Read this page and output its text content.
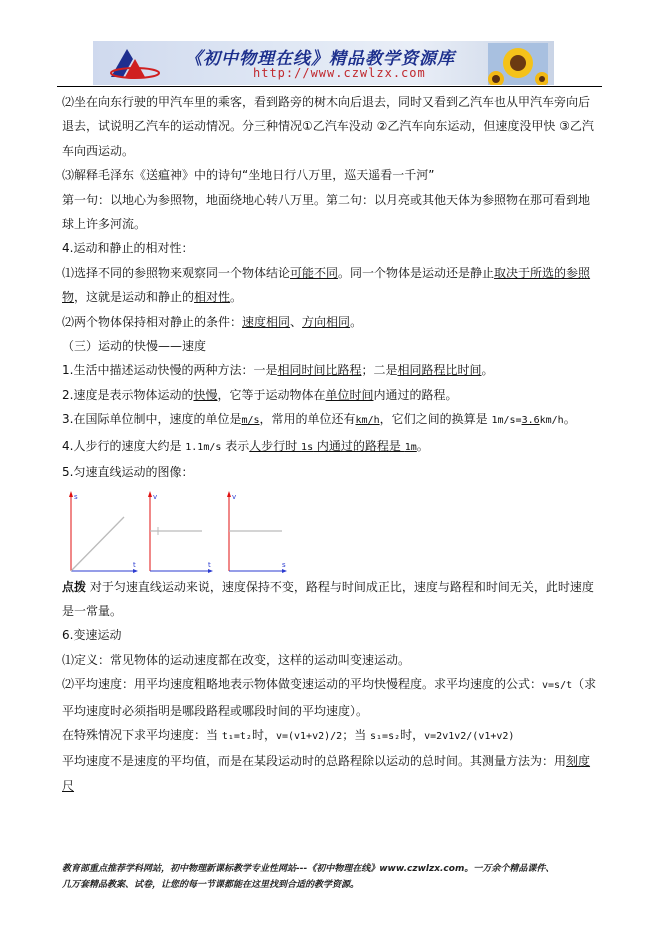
《初中物理在线》精品教学资源库
http://www.czwlzx.com

⑵坐在向东行驶的甲汽车里的乘客，看到路旁的树木向后退去，同时又看到乙汽车也从甲汽车旁向后退去，试说明乙汽车的运动情况。分三种情况①乙汽车没动 ②乙汽车向东运动，但速度没甲快 ③乙汽车向西运动。

⑶解释毛泽东《送瘟神》中的诗句“坐地日行八万里，巡天遥看一千河”

第一句：以地心为参照物，地面绕地心转八万里。第二句：以月亮或其他天体为参照物在那可看到地球上许多河流。

4.运动和静止的相对性：

⑴选择不同的参照物来观察同一个物体结论可能不同。同一个物体是运动还是静止取决于所选的参照物，这就是运动和静止的相对性。

⑵两个物体保持相对静止的条件：速度相同、方向相同。

（三）运动的快慢——速度

1.生活中描述运动快慢的两种方法：一是相同时间比路程；二是相同路程比时间。

2.速度是表示物体运动的快慢，它等于运动物体在单位时间内通过的路程。

3.在国际单位制中，速度的单位是m/s，常用的单位还有km/h，它们之间的换算是 1m/s=3.6km/h。

4.人步行的速度大约是 1.1m/s 表示人步行时 1s 内通过的路程是 1m。

5.匀速直线运动的图像：

s
t
v
t
v
s

点拨 对于匀速直线运动来说，速度保持不变，路程与时间成正比，速度与路程和时间无关，此时速度是一常量。

6.变速运动

⑴定义：常见物体的运动速度都在改变，这样的运动叫变速运动。

⑵平均速度：用平均速度粗略地表示物体做变速运动的平均快慢程度。求平均速度的公式：v=s/t（求平均速度时必须指明是哪段路程或哪段时间的平均速度）。

在特殊情况下求平均速度：当 t₁=t₂时，v=(v1+v2)/2；当 s₁=s₂时，v=2v1v2/(v1+v2)

平均速度不是速度的平均值，而是在某段运动时的总路程除以运动的总时间。其测量方法为：用刻度尺

教育部重点推荐学科网站，初中物理新课标教学专业性网站---《初中物理在线》www.czwlzx.com。一万余个精品课件、

几万套精品教案、试卷，让您的每一节课都能在这里找到合适的教学资源。
